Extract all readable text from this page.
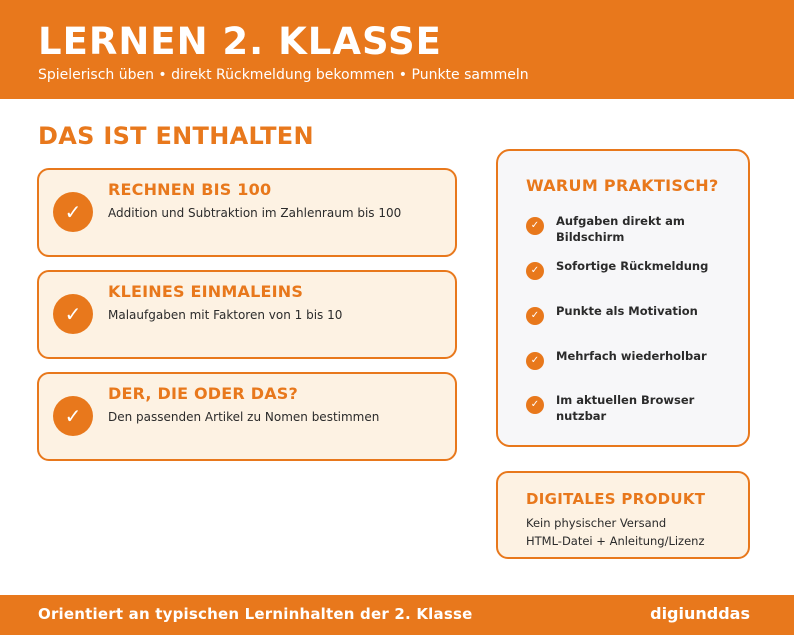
LERNEN 2. KLASSE
Spielerisch üben • direkt Rückmeldung bekommen • Punkte sammeln
DAS IST ENTHALTEN
✓
RECHNEN BIS 100
Addition und Subtraktion im Zahlenraum bis 100
✓
KLEINES EINMALEINS
Malaufgaben mit Faktoren von 1 bis 10
✓
DER, DIE ODER DAS?
Den passenden Artikel zu Nomen bestimmen
WARUM PRAKTISCH?
✓	Aufgaben direkt am Bildschirm
✓	Sofortige Rückmeldung
✓	Punkte als Motivation
✓	Mehrfach wiederholbar
✓	Im aktuellen Browser nutzbar
DIGITALES PRODUKT
Kein physischer Versand
HTML-Datei + Anleitung/Lizenz
Orientiert an typischen Lerninhalten der 2. Klasse	digiunddas
